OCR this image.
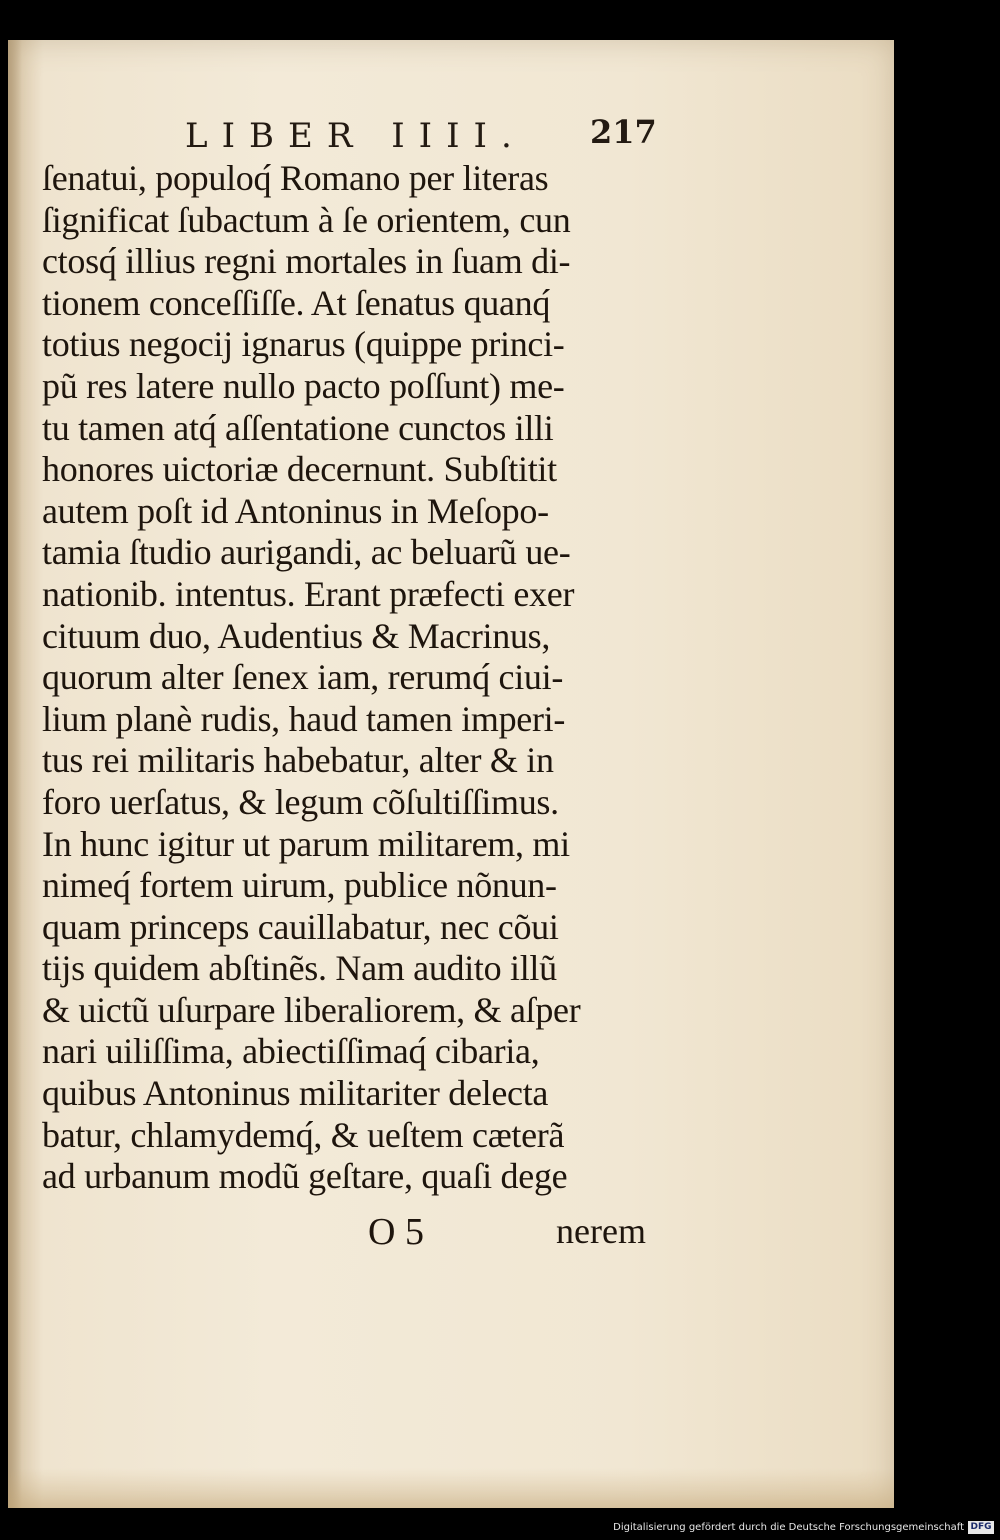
LIBER IIII. 217
ſenatui, populoq́ Romano per literas
ſignificat ſubactum à ſe orientem, cun
ctosq́ illius regni mortales in ſuam di-
tionem conceſſiſſe. At ſenatus quanq́
totius negocij ignarus (quippe princi-
pũ res latere nullo pacto poſſunt) me-
tu tamen atq́ aſſentatione cunctos illi
honores uictoriæ decernunt. Subſtitit
autem poſt id Antoninus in Meſopo-
tamia ſtudio aurigandi, ac beluarũ ue-
nationib. intentus. Erant præfecti exer
cituum duo, Audentius & Macrinus,
quorum alter ſenex iam, rerumq́ ciui-
lium planè rudis, haud tamen imperi-
tus rei militaris habebatur, alter & in
foro uerſatus, & legum cõſultiſſimus.
In hunc igitur ut parum militarem, mi
nimeq́ fortem uirum, publice nõnun-
quam princeps cauillabatur, nec cõui
tijs quidem abſtinẽs. Nam audito illũ
& uictũ uſurpare liberaliorem, & aſper
nari uiliſſima, abiectiſſimaq́ cibaria,
quibus Antoninus militariter delecta
batur, chlamydemq́, & ueſtem cæterã
ad urbanum modũ geſtare, quaſi dege
O 5	nerem
Digitalisierung gefördert durch die Deutsche Forschungsgemeinschaft DFG
